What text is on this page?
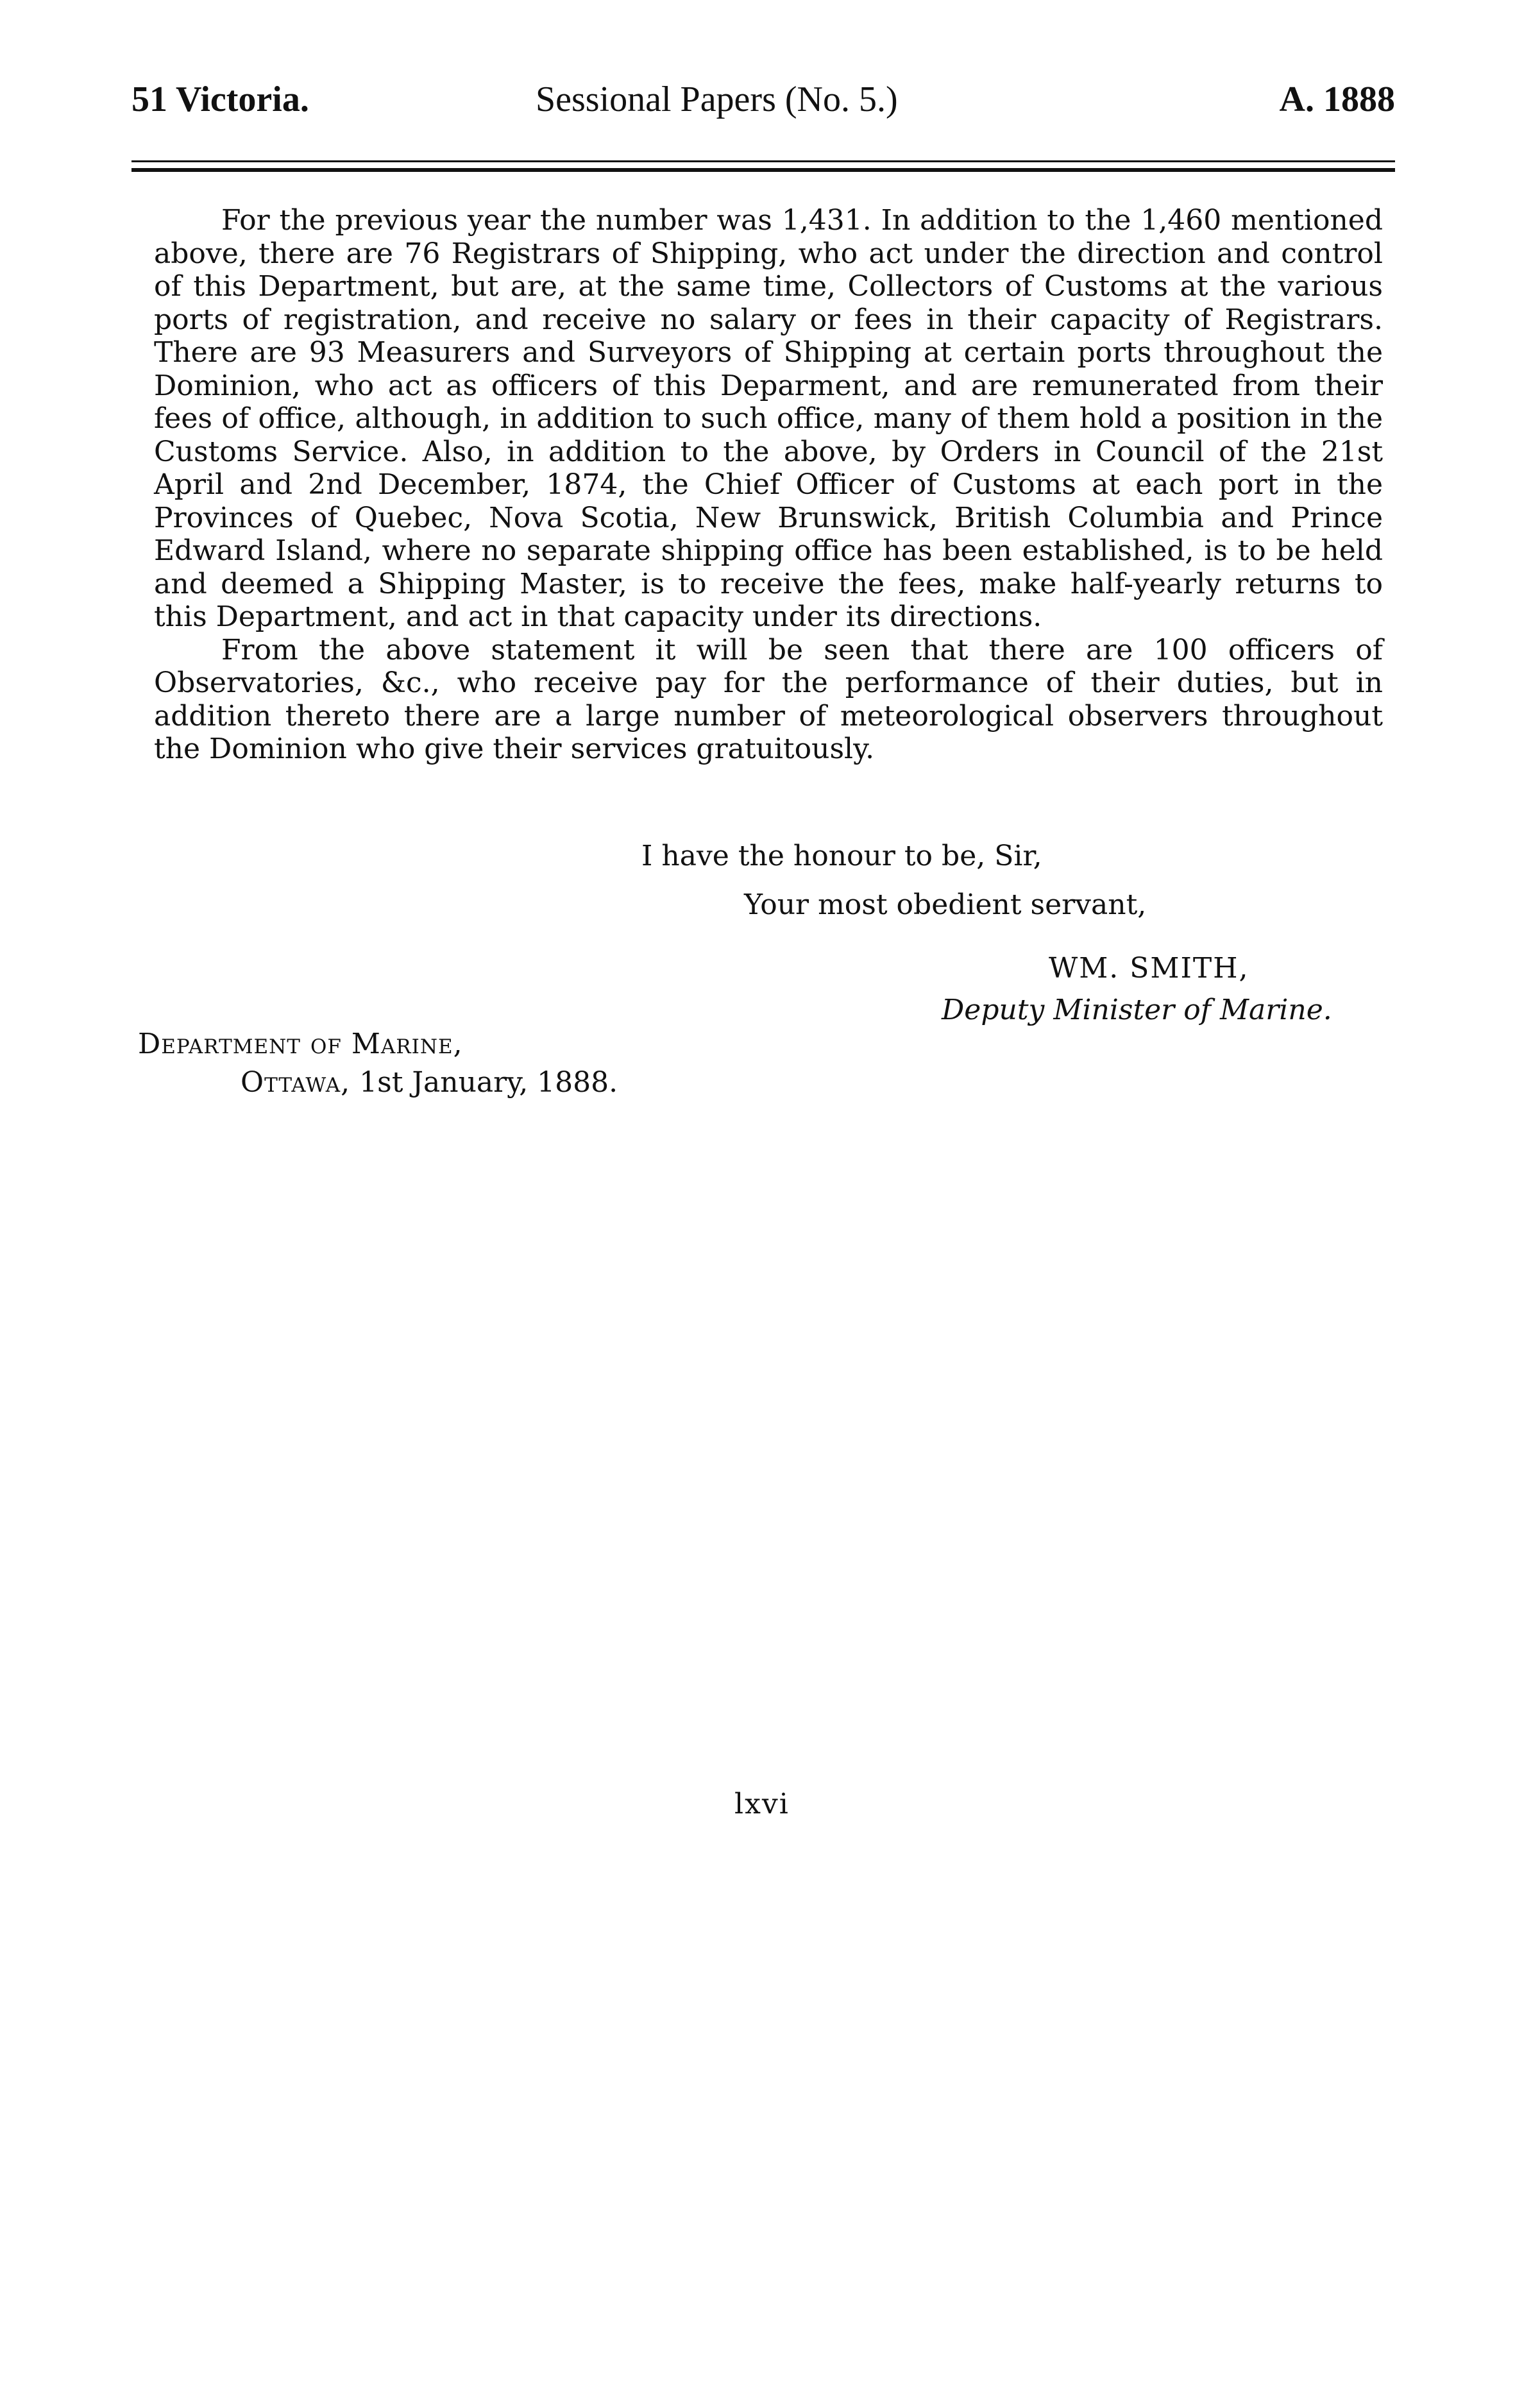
51 Victoria.	Sessional Papers (No. 5.)	A. 1888

For the previous year the number was 1,431. In addition to the 1,460 mentioned above, there are 76 Registrars of Shipping, who act under the direction and control of this Department, but are, at the same time, Collectors of Customs at the various ports of registration, and receive no salary or fees in their capacity of Registrars. There are 93 Measurers and Surveyors of Shipping at certain ports throughout the Dominion, who act as officers of this Deparment, and are remunerated from their fees of office, although, in addition to such office, many of them hold a position in the Customs Service. Also, in addition to the above, by Orders in Council of the 21st April and 2nd December, 1874, the Chief Officer of Customs at each port in the Provinces of Quebec, Nova Scotia, New Brunswick, British Columbia and Prince Edward Island, where no separate shipping office has been established, is to be held and deemed a Shipping Master, is to receive the fees, make half-yearly returns to this Department, and act in that capacity under its directions.

From the above statement it will be seen that there are 100 officers of Observatories, &c., who receive pay for the performance of their duties, but in addition thereto there are a large number of meteorological observers throughout the Dominion who give their services gratuitously.

I have the honour to be, Sir,
Your most obedient servant,
WM. SMITH,
Deputy Minister of Marine.
Department of Marine,
Ottawa, 1st January, 1888.
lxvi
